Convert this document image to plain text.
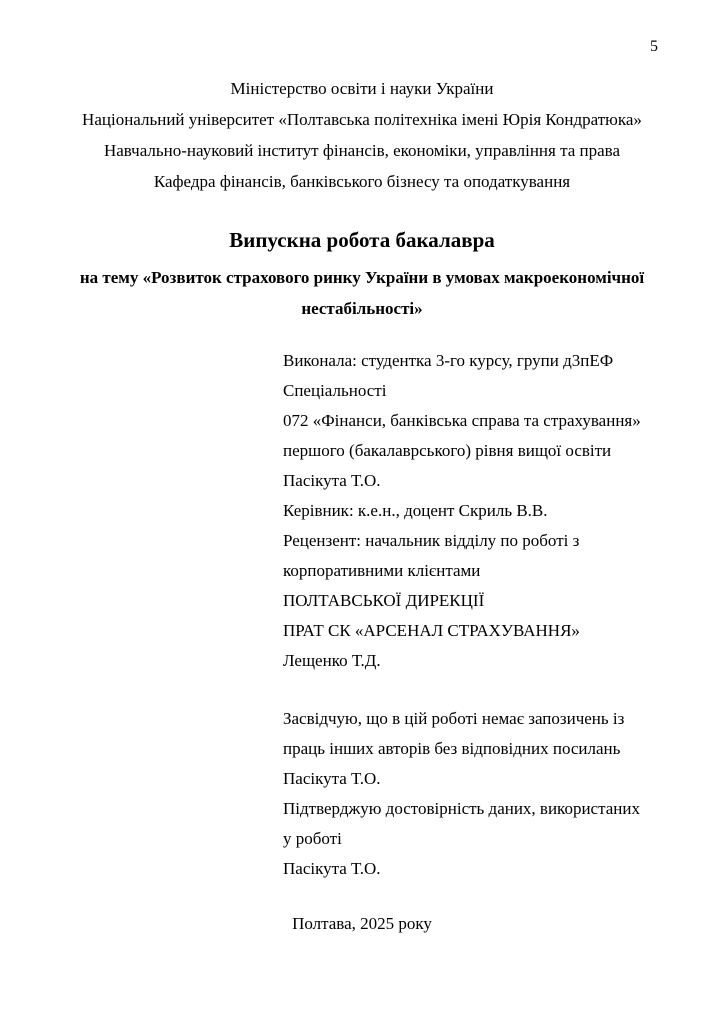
5
Міністерство освіти і науки України
Національний університет «Полтавська політехніка імені Юрія Кондратюка»
Навчально-науковий інститут фінансів, економіки, управління та права
Кафедра фінансів, банківського бізнесу та оподаткування
Випускна робота бакалавра
на тему «Розвиток страхового ринку України в умовах макроекономічної
нестабільності»
Виконала: студентка 3-го курсу, групи д3пЕФ
Спеціальності
072 «Фінанси, банківська справа та страхування»
першого (бакалаврського) рівня вищої освіти
Пасікута Т.О.
Керівник: к.е.н., доцент Скриль В.В.
Рецензент: начальник відділу по роботі з
корпоративними клієнтами
ПОЛТАВСЬКОЇ ДИРЕКЦІЇ
ПРАТ СК «АРСЕНАЛ СТРАХУВАННЯ»
Лещенко Т.Д.
Засвідчую, що в цій роботі немає запозичень із
праць інших авторів без відповідних посилань
Пасікута Т.О.
Підтверджую достовірність даних, використаних
у роботі
Пасікута Т.О.
Полтава, 2025 року
